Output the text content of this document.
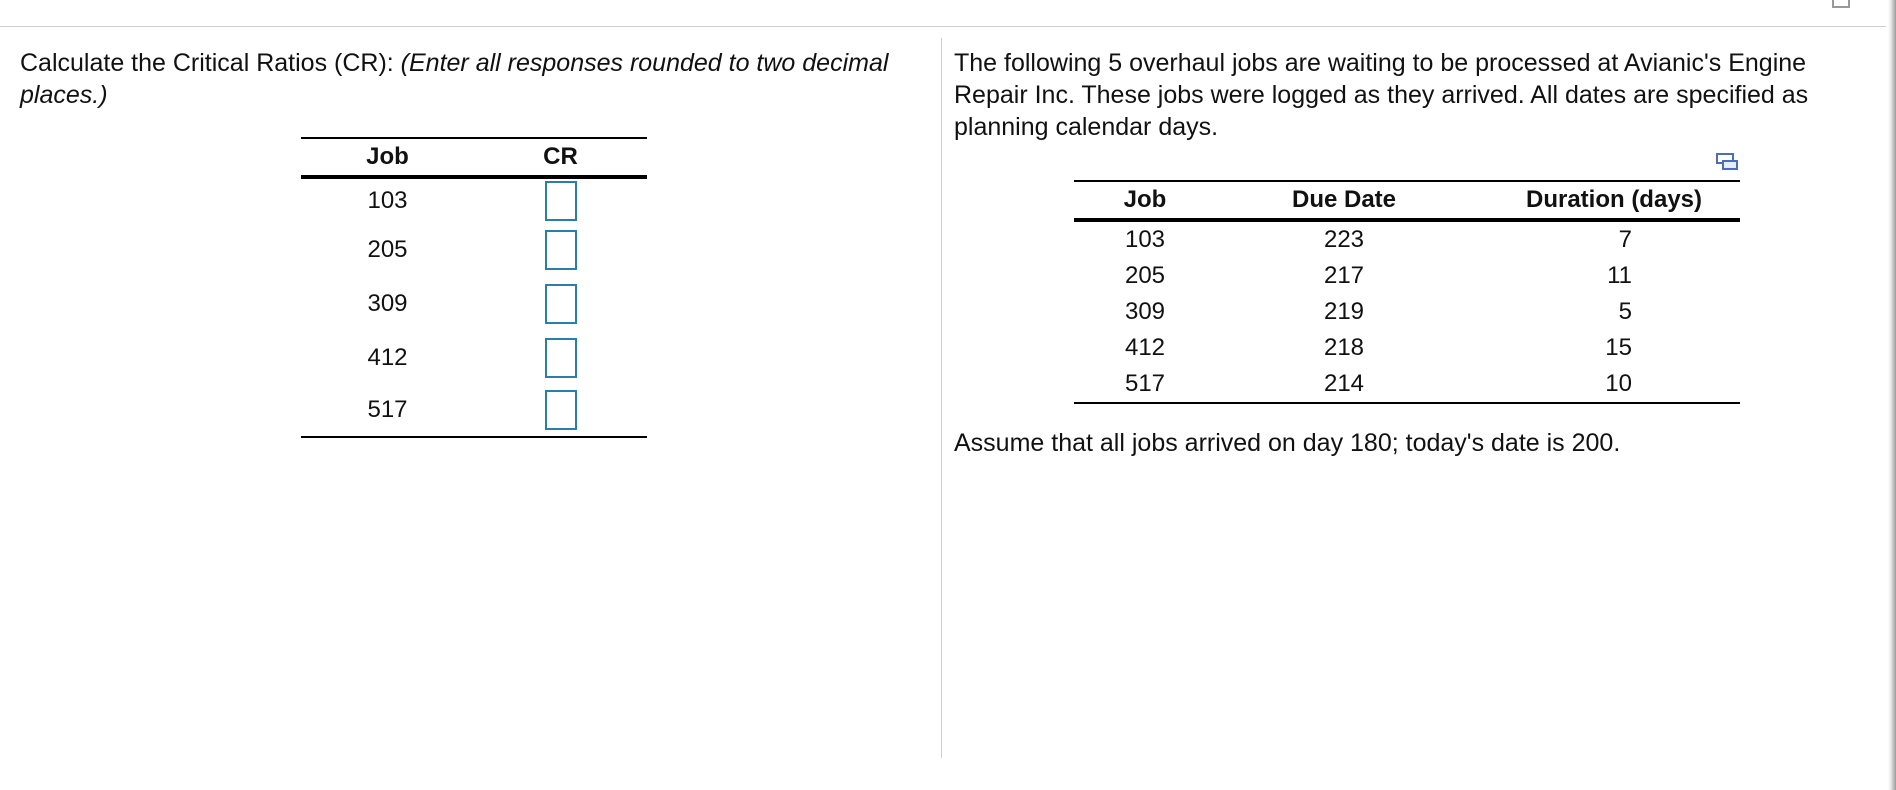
Calculate the Critical Ratios (CR): (Enter all responses rounded to two decimal places.)
Job	CR
103	

205	

309	

412	

517	
The following 5 overhaul jobs are waiting to be processed at Avianic's Engine Repair Inc. These jobs were logged as they arrived. All dates are specified as planning calendar days.
Job	Due Date	Duration (days)
103	223	7
205	217	11
309	219	5
412	218	15
517	214	10
Assume that all jobs arrived on day 180; today's date is 200.
